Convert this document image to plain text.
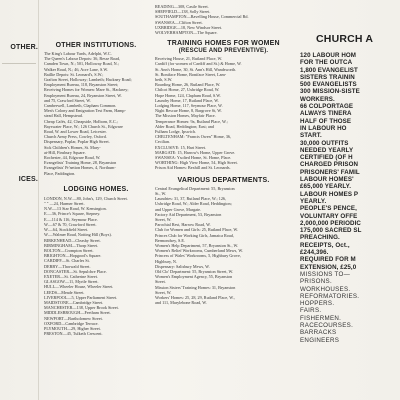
OTHER.
ICES.
OTHER INSTITUTIONS.
The King's Labour Yards, Adelphi, W.C.
The Queen's Labour Depots: 36, Besse Road,
Camden Town, N.; 501, Holloway Road, N.;
Walker Road, N.; 46, Acre Lane, S.W.
Baillie Depots: St. Leonard's, S.W.;
Grafton Street, Holloway; Lambeth; Hackney Road;
Employment Bureau, 118, Bryanston Street;
Receiving Homes for Women: Mare St., Hackney;
Employment Bureau, 24, Bryanston Street, W.
and 75, Crawford Street, W.
Camberwell, Lambeth, Clapham Common.
Men's Colony and Emigration Test Farm, Hamp-
stead Hall, Hempstead.
Cheap Cafés, 42, Cheapside, Holborn, E.C.;
Bayswater Place, W.; 126 Church St., Edgware
Road, W. and Lower Road, Leicester.
Church Army Press, Cowley, Oxford.
Dispensary, Poplar, Poplar High Street.
Sick Children's Homes, St. Mary-
at-Hill, Finsbury Square.
Rochester, 44, Edgware Road, W.
Evangelists' Training Home, 28, Bryanston
Evangelists' Pr'netion Homes, 4, Northum-
Place, Paddington.
LODGING HOMES.
LONDON, N.W.—80, John's, 129, Church Street.
" " —24, Harmer Street.
N.W.—13 Star Road, W. Kensington.
E.—36, Prince's Square, Stepney.
E.—114 & 116, Seymour Place.
W.—67 & 70, Crawford Street.
W.—64, Stockfield Street.
W.—Walmer Road, Notting Hill (Boys).
BIRKENHEAD—Cleasby Street.
BIRMINGHAM—Thorp Street.
BOLTON—Crompton Street.
BRIGHTON—Hopgood's Square.
CARDIFF—St. Charles St.
DERBY—Thorwald Street.
DONCASTER—St. Sepulchre Place.
EXETER—St. Catherine Street.
GLASGOW—11, Myrtle Street.
HULL—Wheeler House, Wheeler Street.
LEEDS—Meade Street.
LIVERPOOL—5, Upper Parliament Street.
MAIDSTONE—Cambridge Street.
MANCHESTER—138, Upper Brook Street.
MIDDLESBROUGH—Feetham Street.
NEWPORT—Bartholomew Street.
OXFORD—Cambridge Terrace.
PLYMOUTH—29, Higher Street.
PRESTON—45, Tulketh Crescent.
READING—308, Castle Street.
SHEFFIELD—138, Solly Street.
SOUTHAMPTON—Ravelling House, Commercial Rd.
SWANSEA—Clifton Street.
UXBRIDGE—18, New Windsor Street.
WOLVERHAMPTON—The Square.
TRAINING HOMES FOR WOMEN
(RESCUE AND PREVENTIVE).
Receiving House, 21, Rutland Place, W.
Cardiff (for women of Cardiff and St.) & Home, W.
St. Ann's Home, 30, St. Ann's Hill, Wandsworth.
St. Boniface Home, Boniface Street, Lam-
beth, S.W.
Boarding Home, 26, Rutland Place, W.
Chilcot Home, 27, Uxbridge Road, W.
Hope Home, 124, Clapham Road, S.W.
Laundry Home, 17, Rutland Place, W.
Lodging Home, 117, Seymour Place, W.
Night Rescue Home, 8, Bargrove St, W.
The Mission Homes, Mayfair Place.
Temperance Homes: 9a, Rutland Place, W.;
Alder Road, Heddington; East; and
Fulham Lodge, Ipswich.
CHELTENHAM: "Francis Owen" Home, 36,
Cecilian.
EXCLUSIVE: 15, Hart Street.
MARGATE: 15, Harrow's Home, Upper Grove.
SWANSEA: Ysolted Home, St. Home, Place.
WORTHING: High View Home, 54, High Street.
Prison Aid Homes: Bexhill and St. Leonards.
VARIOUS DEPARTMENTS.
Central Evangelical Department: 55, Bryanston
St., W.
Laundries: 31, 37, Rutland Place, W.; 126,
Uxbridge Road, W.; Alder Road, Heddington;
and Upper Grove, Margate.
Factory Aid Department, 53, Bryanston
Street, W.
Parochial Rest, Harrow Road, W.
Club for Women and Girls: 25, Rutland Place, W.
Princes Club for Working Girls, Jamaica Road,
Bermondsey, S.E.
Women's Help Department, 57, Bryanston St., W.
Women's Relief Workrooms, Cumberland Mews, W.
Princess of Wales' Workrooms, 5, Highbury Grove,
Highbury, N.
Dispensary: Salisbury Mews, W.
Old Clo' Department: 55, Bryanston Street, W.
Women's Employment Agency, 55, Bryanston
Street.
Mission Sisters' Training Homes: 31, Bryanston
Street, W.
Workers' Homes: 25, 28, 29, Rutland Place, W.,
and 111, Marylebone Road, W.
CHURCH A
120 LABOUR HOM
FOR THE OUTCA
1,800 EVANGELIST
SISTERS TRAININ
500 EVANGELISTS
300 MISSION-SISTE
WORKERS.
66 COLPORTAGE
ALWAYS TINERA
HALF OF THOSE
IN LABOUR HO
START.
30,000 OUTFITS
NEEDED YEARLY
CERTIFIED (OF H
CHARGED PRISON
PRISONERS' FAMIL
LABOUR HOMES'
£65,000 YEARLY.
LABOUR HOMES P
YEARLY.
PEOPLE'S PENCE,
VOLUNTARY OFFE
2,000,000 PERIODIC
175,000 SACRED SL
PREACHING.
RECEIPTS, Oct.,
£244,396.
REQUIRED FOR M
EXTENSION, £25,0
MISSIONS TO—
PRISONS.
WORKHOUSES.
REFORMATORIES.
HOPPERS.
FAIRS.
FISHERMEN.
RACECOURSES.
BARRACKS
ENGINEERS
